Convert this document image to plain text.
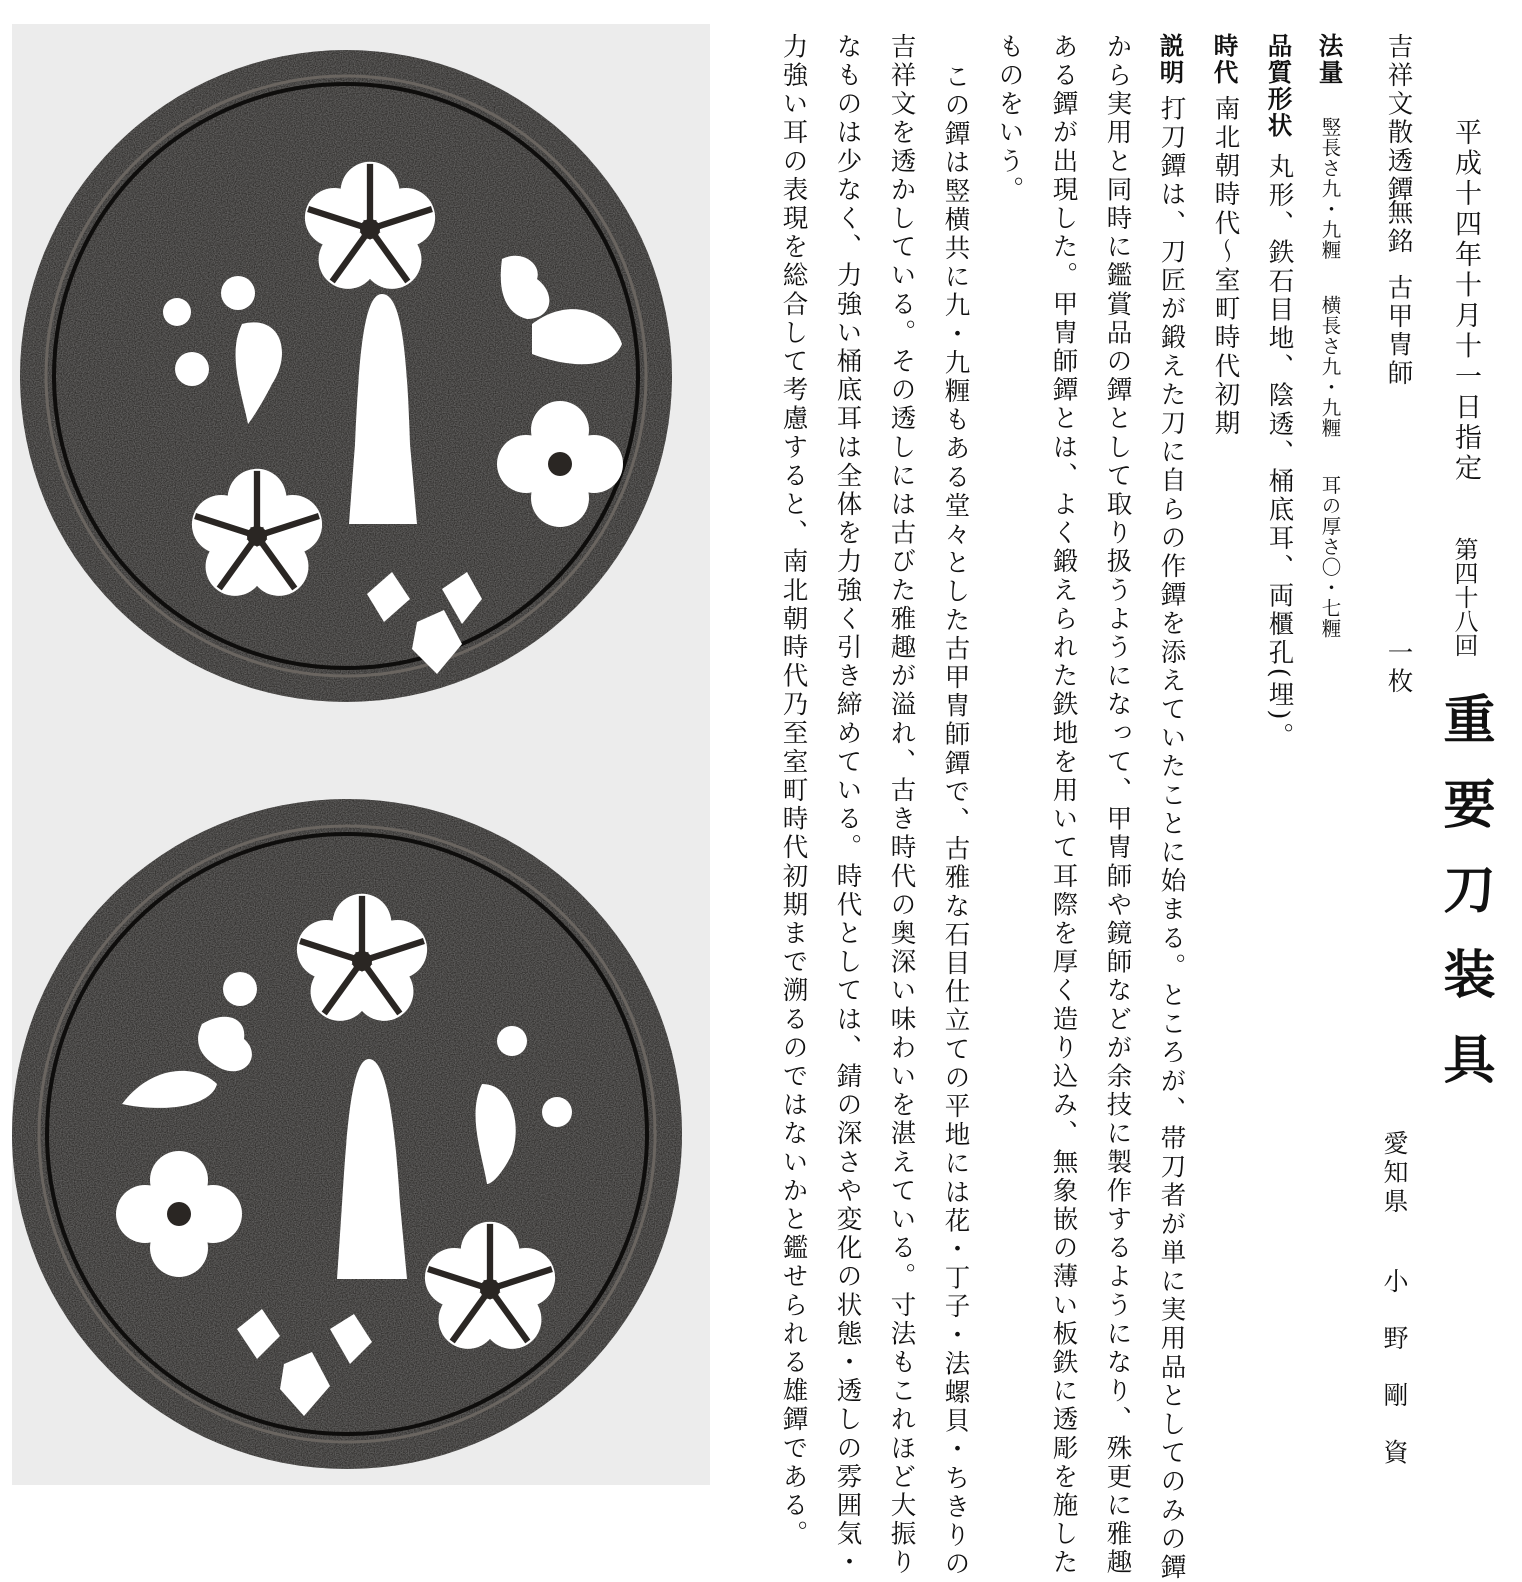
平成十四年十月十一日指定
第四十八回
重要刀装具
愛知県
小野剛資
吉祥文散透鐔
無銘
古甲冑師
一枚
法量
竪長さ九・九糎
横長さ九・九糎
耳の厚さ〇・七糎
品質形状
丸形、鉄石目地、陰透、桶底耳、両櫃孔(埋)。
時代
南北朝時代〜室町時代初期
説明
打刀鐔は、刀匠が鍛えた刀に自らの作鐔を添えていたことに始まる。ところが、帯刀者が単に実用品としてのみの鐔
から実用と同時に鑑賞品の鐔として取り扱うようになって、甲冑師や鏡師などが余技に製作するようになり、殊更に雅趣
ある鐔が出現した。甲冑師鐔とは、よく鍛えられた鉄地を用いて耳際を厚く造り込み、無象嵌の薄い板鉄に透彫を施した
ものをいう。
この鐔は竪横共に九・九糎もある堂々とした古甲冑師鐔で、古雅な石目仕立ての平地には花・丁子・法螺貝・ちきりの
吉祥文を透かしている。その透しには古びた雅趣が溢れ、古き時代の奥深い味わいを湛えている。寸法もこれほど大振り
なものは少なく、力強い桶底耳は全体を力強く引き締めている。時代としては、錆の深さや変化の状態・透しの雰囲気・
力強い耳の表現を総合して考慮すると、南北朝時代乃至室町時代初期まで溯るのではないかと鑑せられる雄鐔である。
